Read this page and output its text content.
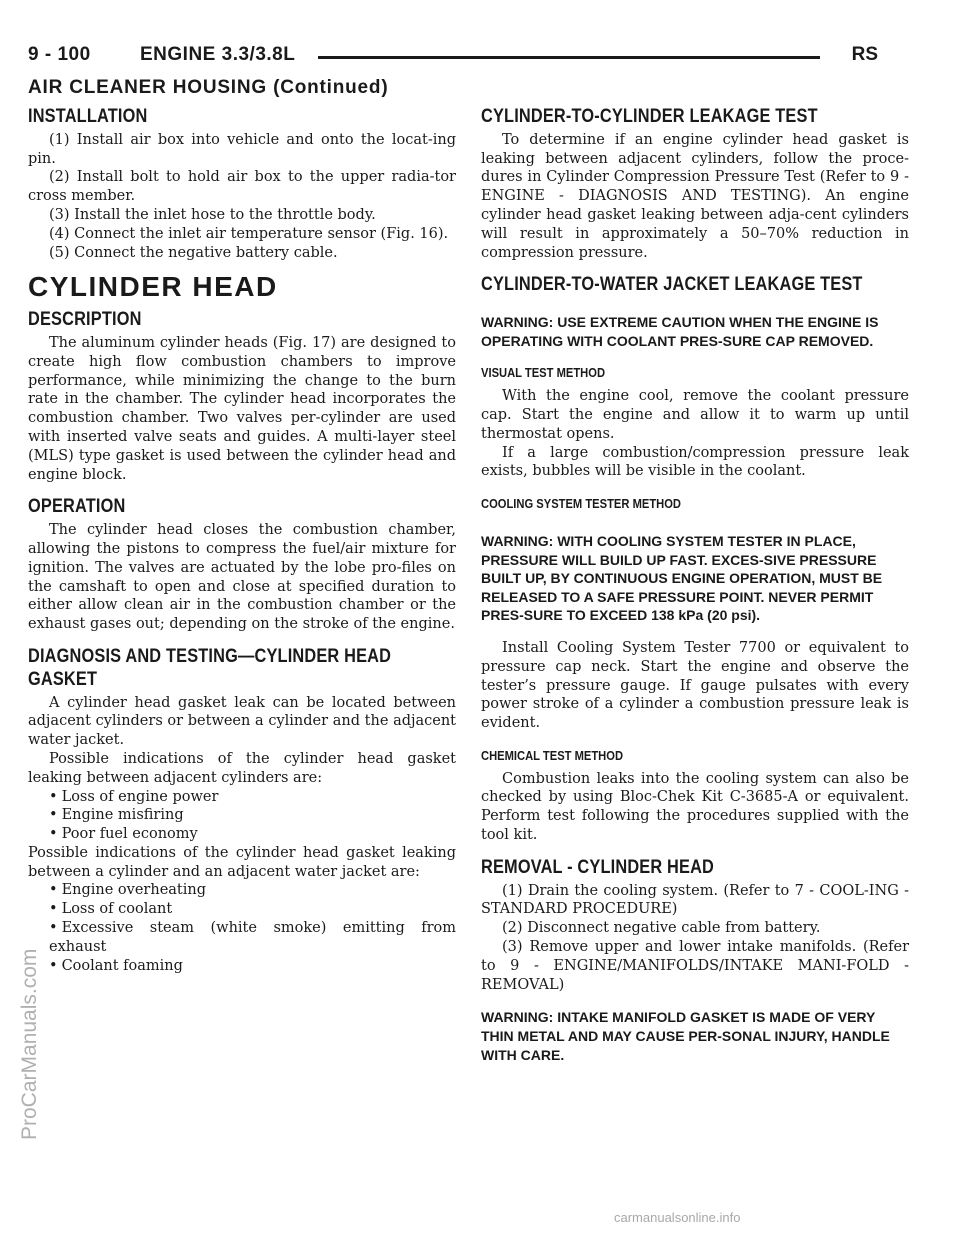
9 - 100	ENGINE 3.3/3.8L	RS
AIR CLEANER HOUSING (Continued)
INSTALLATION

(1) Install air box into vehicle and onto the locat-ing pin.

(2) Install bolt to hold air box to the upper radia-tor cross member.

(3) Install the inlet hose to the throttle body.

(4) Connect the inlet air temperature sensor (Fig. 16).

(5) Connect the negative battery cable.

CYLINDER HEAD
DESCRIPTION

The aluminum cylinder heads (Fig. 17) are designed to create high flow combustion chambers to improve performance, while minimizing the change to the burn rate in the chamber. The cylinder head incorporates the combustion chamber. Two valves per-cylinder are used with inserted valve seats and guides. A multi-layer steel (MLS) type gasket is used between the cylinder head and engine block.

OPERATION

The cylinder head closes the combustion chamber, allowing the pistons to compress the fuel/air mixture for ignition. The valves are actuated by the lobe pro-files on the camshaft to open and close at specified duration to either allow clean air in the combustion chamber or the exhaust gases out; depending on the stroke of the engine.

DIAGNOSIS AND TESTING—CYLINDER HEAD
GASKET

A cylinder head gasket leak can be located between adjacent cylinders or between a cylinder and the adjacent water jacket.

Possible indications of the cylinder head gasket leaking between adjacent cylinders are:

• Loss of engine power

• Engine misfiring

• Poor fuel economy

Possible indications of the cylinder head gasket leaking between a cylinder and an adjacent water jacket are:

• Engine overheating

• Loss of coolant

• Excessive steam (white smoke) emitting from exhaust

• Coolant foaming

CYLINDER-TO-CYLINDER LEAKAGE TEST

To determine if an engine cylinder head gasket is leaking between adjacent cylinders, follow the proce-dures in Cylinder Compression Pressure Test (Refer to 9 - ENGINE - DIAGNOSIS AND TESTING). An engine cylinder head gasket leaking between adja-cent cylinders will result in approximately a 50–70% reduction in compression pressure.

CYLINDER-TO-WATER JACKET LEAKAGE TEST

WARNING: USE EXTREME CAUTION WHEN THE ENGINE IS OPERATING WITH COOLANT PRES-SURE CAP REMOVED.

VISUAL TEST METHOD

With the engine cool, remove the coolant pressure cap. Start the engine and allow it to warm up until thermostat opens.

If a large combustion/compression pressure leak exists, bubbles will be visible in the coolant.

COOLING SYSTEM TESTER METHOD

WARNING: WITH COOLING SYSTEM TESTER IN PLACE, PRESSURE WILL BUILD UP FAST. EXCES-SIVE PRESSURE BUILT UP, BY CONTINUOUS ENGINE OPERATION, MUST BE RELEASED TO A SAFE PRESSURE POINT. NEVER PERMIT PRES-SURE TO EXCEED 138 kPa (20 psi).

Install Cooling System Tester 7700 or equivalent to pressure cap neck. Start the engine and observe the tester’s pressure gauge. If gauge pulsates with every power stroke of a cylinder a combustion pressure leak is evident.

CHEMICAL TEST METHOD

Combustion leaks into the cooling system can also be checked by using Bloc-Chek Kit C-3685-A or equivalent. Perform test following the procedures supplied with the tool kit.

REMOVAL - CYLINDER HEAD

(1) Drain the cooling system. (Refer to 7 - COOL-ING - STANDARD PROCEDURE)

(2) Disconnect negative cable from battery.

(3) Remove upper and lower intake manifolds. (Refer to 9 - ENGINE/MANIFOLDS/INTAKE MANI-FOLD - REMOVAL)

WARNING: INTAKE MANIFOLD GASKET IS MADE OF VERY THIN METAL AND MAY CAUSE PER-SONAL INJURY, HANDLE WITH CARE.

ProCarManuals.com
carmanualsonline.info
